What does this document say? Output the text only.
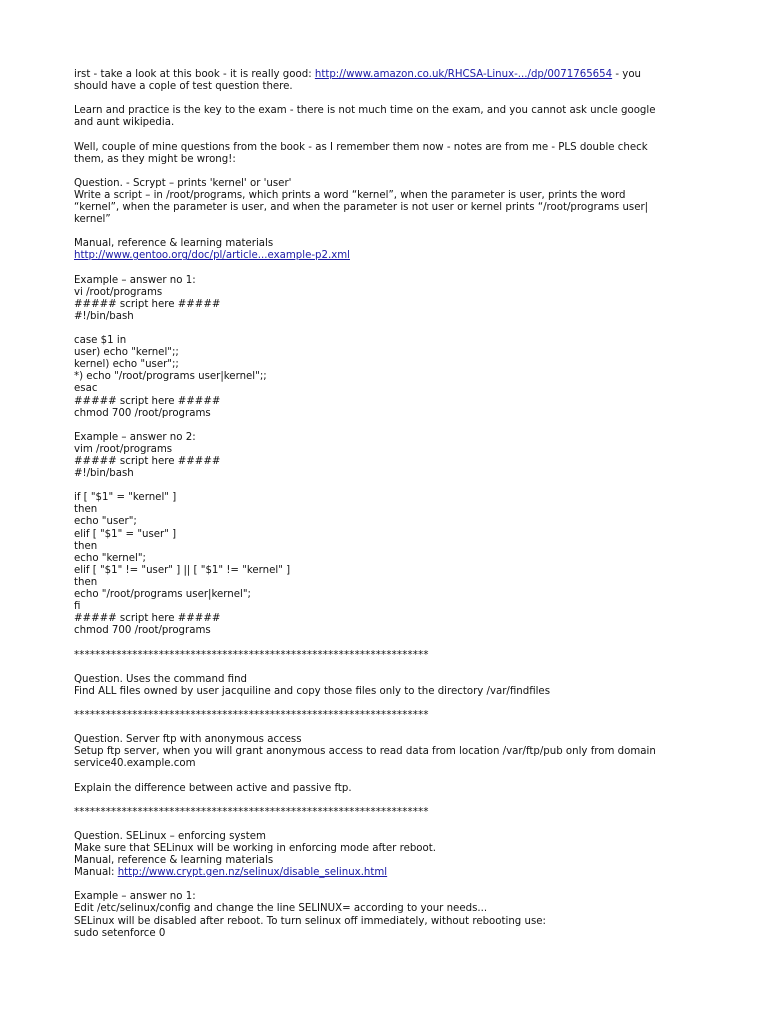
irst - take a look at this book - it is really good: http://www.amazon.co.uk/RHCSA-Linux-.../dp/0071765654 - you
should have a cople of test question there.
Learn and practice is the key to the exam - there is not much time on the exam, and you cannot ask uncle google
and aunt wikipedia.
Well, couple of mine questions from the book - as I remember them now - notes are from me - PLS double check
them, as they might be wrong!:
Question. - Scrypt – prints 'kernel' or 'user'
Write a script – in /root/programs, which prints a word “kernel”, when the parameter is user, prints the word
“kernel”, when the parameter is user, and when the parameter is not user or kernel prints “/root/programs user|
kernel”
Manual, reference & learning materials
http://www.gentoo.org/doc/pl/article...example-p2.xml
Example – answer no 1:
vi /root/programs
##### script here #####
#!/bin/bash
case $1 in
user) echo "kernel";;
kernel) echo "user";;
*) echo "/root/programs user|kernel";;
esac
##### script here #####
chmod 700 /root/programs
Example – answer no 2:
vim /root/programs
##### script here #####
#!/bin/bash
if [ "$1" = "kernel" ]
then
echo "user";
elif [ "$1" = "user" ]
then
echo "kernel";
elif [ "$1" != "user" ] || [ "$1" != "kernel" ]
then
echo "/root/programs user|kernel";
fi
##### script here #####
chmod 700 /root/programs
*******************************************************************
Question. Uses the command find
Find ALL files owned by user jacquiline and copy those files only to the directory /var/findfiles
*******************************************************************
Question. Server ftp with anonymous access
Setup ftp server, when you will grant anonymous access to read data from location /var/ftp/pub only from domain
service40.example.com
Explain the difference between active and passive ftp.
*******************************************************************
Question. SELinux – enforcing system
Make sure that SELinux will be working in enforcing mode after reboot.
Manual, reference & learning materials
Manual: http://www.crypt.gen.nz/selinux/disable_selinux.html
Example – answer no 1:
Edit /etc/selinux/config and change the line SELINUX= according to your needs...
SELinux will be disabled after reboot. To turn selinux off immediately, without rebooting use:
sudo setenforce 0
